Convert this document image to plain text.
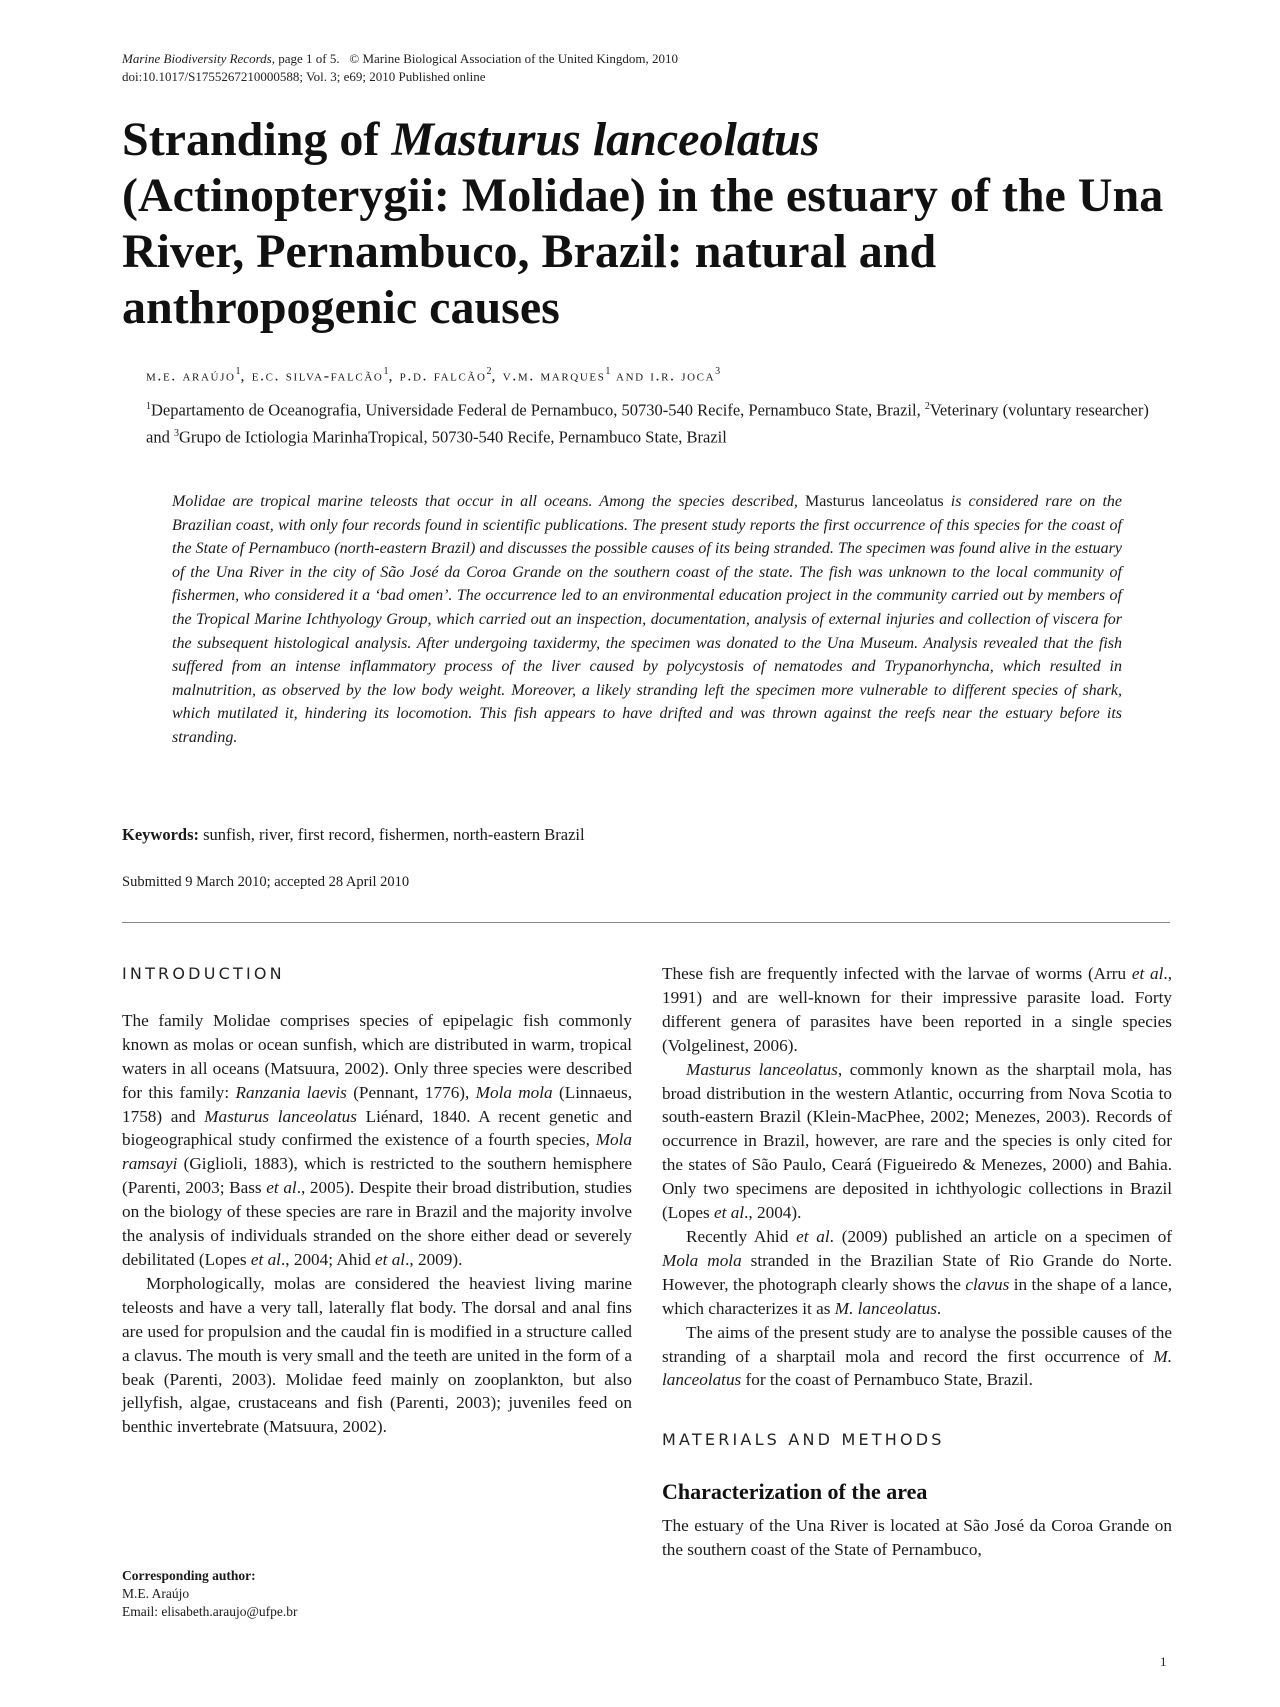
Marine Biodiversity Records, page 1 of 5. © Marine Biological Association of the United Kingdom, 2010
doi:10.1017/S1755267210000588; Vol. 3; e69; 2010 Published online
Stranding of Masturus lanceolatus
(Actinopterygii: Molidae) in the estuary of the Una River, Pernambuco, Brazil: natural and anthropogenic causes
m.e. araújo$^1$, e.c. silva-falcão$^1$, p.d. falcão$^2$, v.m. marques$^1$ and i.r. joca$^3$
$^1$Departamento de Oceanografia, Universidade Federal de Pernambuco, 50730-540 Recife, Pernambuco State, Brazil, $^2$Veterinary (voluntary researcher) and $^3$Grupo de Ictiologia MarinhaTropical, 50730-540 Recife, Pernambuco State, Brazil

Molidae are tropical marine teleosts that occur in all oceans. Among the species described, Masturus lanceolatus is considered rare on the Brazilian coast, with only four records found in scientific publications. The present study reports the first occurrence of this species for the coast of the State of Pernambuco (north-eastern Brazil) and discusses the possible causes of its being stranded. The specimen was found alive in the estuary of the Una River in the city of São José da Coroa Grande on the southern coast of the state. The fish was unknown to the local community of fishermen, who considered it a ‘bad omen’. The occurrence led to an environmental education project in the community carried out by members of the Tropical Marine Ichthyology Group, which carried out an inspection, documentation, analysis of external injuries and collection of viscera for the subsequent histological analysis. After undergoing taxidermy, the specimen was donated to the Una Museum. Analysis revealed that the fish suffered from an intense inflammatory process of the liver caused by polycystosis of nematodes and Trypanorhyncha, which resulted in malnutrition, as observed by the low body weight. Moreover, a likely stranding left the specimen more vulnerable to different species of shark, which mutilated it, hindering its locomotion. This fish appears to have drifted and was thrown against the reefs near the estuary before its stranding.

Keywords: sunfish, river, first record, fishermen, north-eastern Brazil
Submitted 9 March 2010; accepted 28 April 2010
INTRODUCTION

The family Molidae comprises species of epipelagic fish commonly known as molas or ocean sunfish, which are distributed in warm, tropical waters in all oceans (Matsuura, 2002). Only three species were described for this family: Ranzania laevis (Pennant, 1776), Mola mola (Linnaeus, 1758) and Masturus lanceolatus Liénard, 1840. A recent genetic and biogeographical study confirmed the existence of a fourth species, Mola ramsayi (Giglioli, 1883), which is restricted to the southern hemisphere (Parenti, 2003; Bass et al., 2005). Despite their broad distribution, studies on the biology of these species are rare in Brazil and the majority involve the analysis of individuals stranded on the shore either dead or severely debilitated (Lopes et al., 2004; Ahid et al., 2009).

Morphologically, molas are considered the heaviest living marine teleosts and have a very tall, laterally flat body. The dorsal and anal fins are used for propulsion and the caudal fin is modified in a structure called a clavus. The mouth is very small and the teeth are united in the form of a beak (Parenti, 2003). Molidae feed mainly on zooplankton, but also jellyfish, algae, crustaceans and fish (Parenti, 2003); juveniles feed on benthic invertebrate (Matsuura, 2002).

These fish are frequently infected with the larvae of worms (Arru et al., 1991) and are well-known for their impressive parasite load. Forty different genera of parasites have been reported in a single species (Volgelinest, 2006).

Masturus lanceolatus, commonly known as the sharptail mola, has broad distribution in the western Atlantic, occurring from Nova Scotia to south-eastern Brazil (Klein-MacPhee, 2002; Menezes, 2003). Records of occurrence in Brazil, however, are rare and the species is only cited for the states of São Paulo, Ceará (Figueiredo & Menezes, 2000) and Bahia. Only two specimens are deposited in ichthyologic collections in Brazil (Lopes et al., 2004).

Recently Ahid et al. (2009) published an article on a specimen of Mola mola stranded in the Brazilian State of Rio Grande do Norte. However, the photograph clearly shows the clavus in the shape of a lance, which characterizes it as M. lanceolatus.

The aims of the present study are to analyse the possible causes of the stranding of a sharptail mola and record the first occurrence of M. lanceolatus for the coast of Pernambuco State, Brazil.

MATERIALS AND METHODS
Characterization of the area

The estuary of the Una River is located at São José da Coroa Grande on the southern coast of the State of Pernambuco,

Corresponding author:
M.E. Araújo
Email: elisabeth.araujo@ufpe.br
1
